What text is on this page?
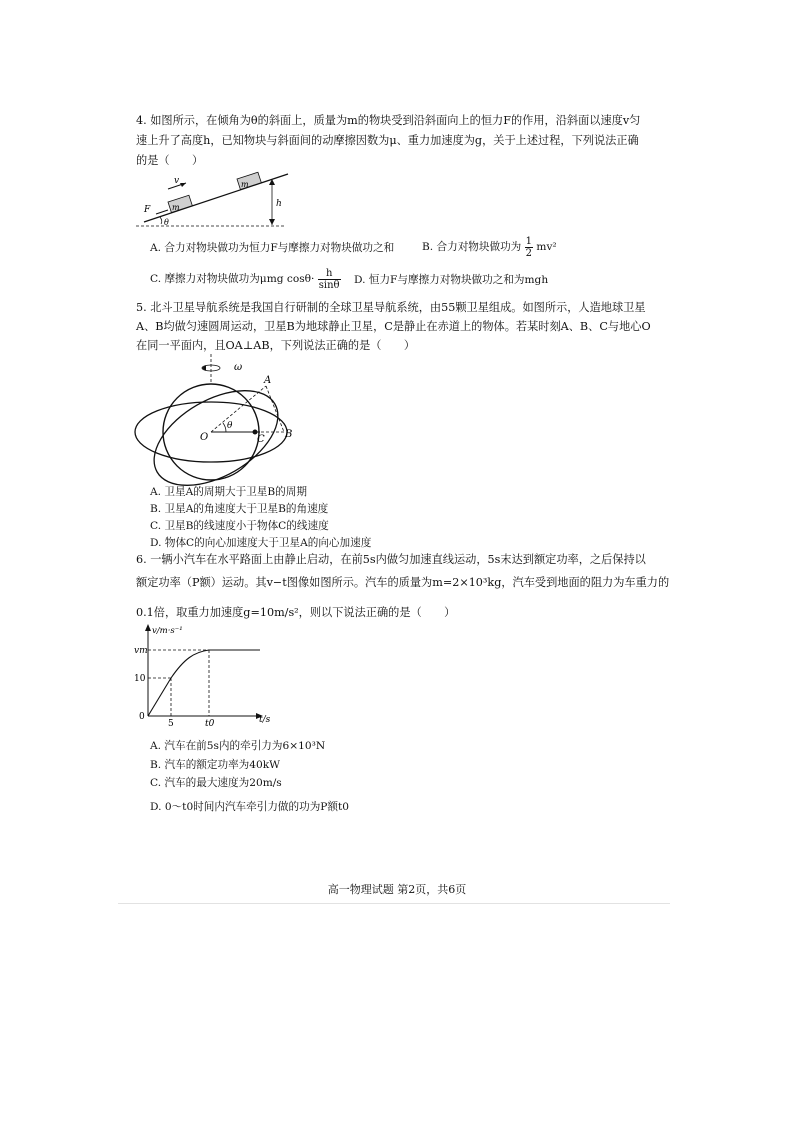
4. 如图所示，在倾角为θ的斜面上，质量为m的物块受到沿斜面向上的恒力F的作用，沿斜面以速度v匀
速上升了高度h，已知物块与斜面间的动摩擦因数为μ、重力加速度为g，关于上述过程，下列说法正确
的是（　　）
v
F	m
m
h
θ
A. 合力对物块做功为恒力F与摩擦力对物块做功之和	B. 合力对物块做功为 $\frac{1}{2} mv^2$
C. 摩擦力对物块做功为μmg $\cos\theta\cdot \frac{h}{\sin\theta} D$. 恒力F与摩擦力对物块做功之和为mgh
5. 北斗卫星导航系统是我国自行研制的全球卫星导航系统，由55颗卫星组成。如图所示，人造地球卫星
A、B均做匀速圆周运动，卫星B为地球静止卫星，C是静止在赤道上的物体。若某时刻A、B、C与地心O
在同一平面内，且OA⊥AB，下列说法正确的是（　　）
ω
A
B
C
O
θ
A. 卫星A的周期大于卫星B的周期
B. 卫星A的角速度大于卫星B的角速度
C. 卫星B的线速度小于物体C的线速度
D. 物体C的向心加速度大于卫星A的向心加速度
6. 一辆小汽车在水平路面上由静止启动，在前5s内做匀加速直线运动，5s末达到额定功率，之后保持以
额定功率（P额）运动。其v−t图像如图所示。汽车的质量为m=2×10³kg，汽车受到地面的阻力为车重力的
0.1倍，取重力加速度g=10m/s²，则以下说法正确的是（　　）
v/m·s⁻¹
t/s
vm
10
0
5	t0
A. 汽车在前5s内的牵引力为6×10³N
B. 汽车的额定功率为40kW
C. 汽车的最大速度为20m/s
D. 0～t0时间内汽车牵引力做的功为P额t0
高一物理试题 第2页，共6页
